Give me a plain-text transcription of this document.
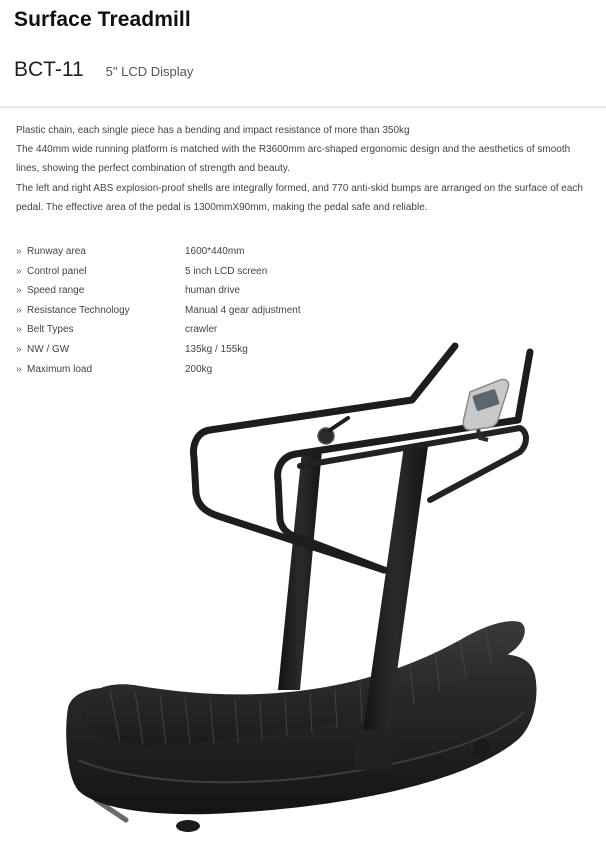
Surface Treadmill
BCT-11 5" LCD Display

Plastic chain, each single piece has a bending and impact resistance of more than 350kg

The 440mm wide running platform is matched with the R3600mm arc-shaped ergonomic design and the aesthetics of smooth lines, showing the perfect combination of strength and beauty.

The left and right ABS explosion-proof shells are integrally formed, and 770 anti-skid bumps are arranged on the surface of each pedal. The effective area of the pedal is 1300mmX90mm, making the pedal safe and reliable.

» Runway area	1600*440mm
» Control panel	5 inch LCD screen
» Speed range	human drive
» Resistance Technology	Manual 4 gear adjustment
» Belt Types	crawler
» NW / GW	135kg / 155kg
» Maximum load	200kg
